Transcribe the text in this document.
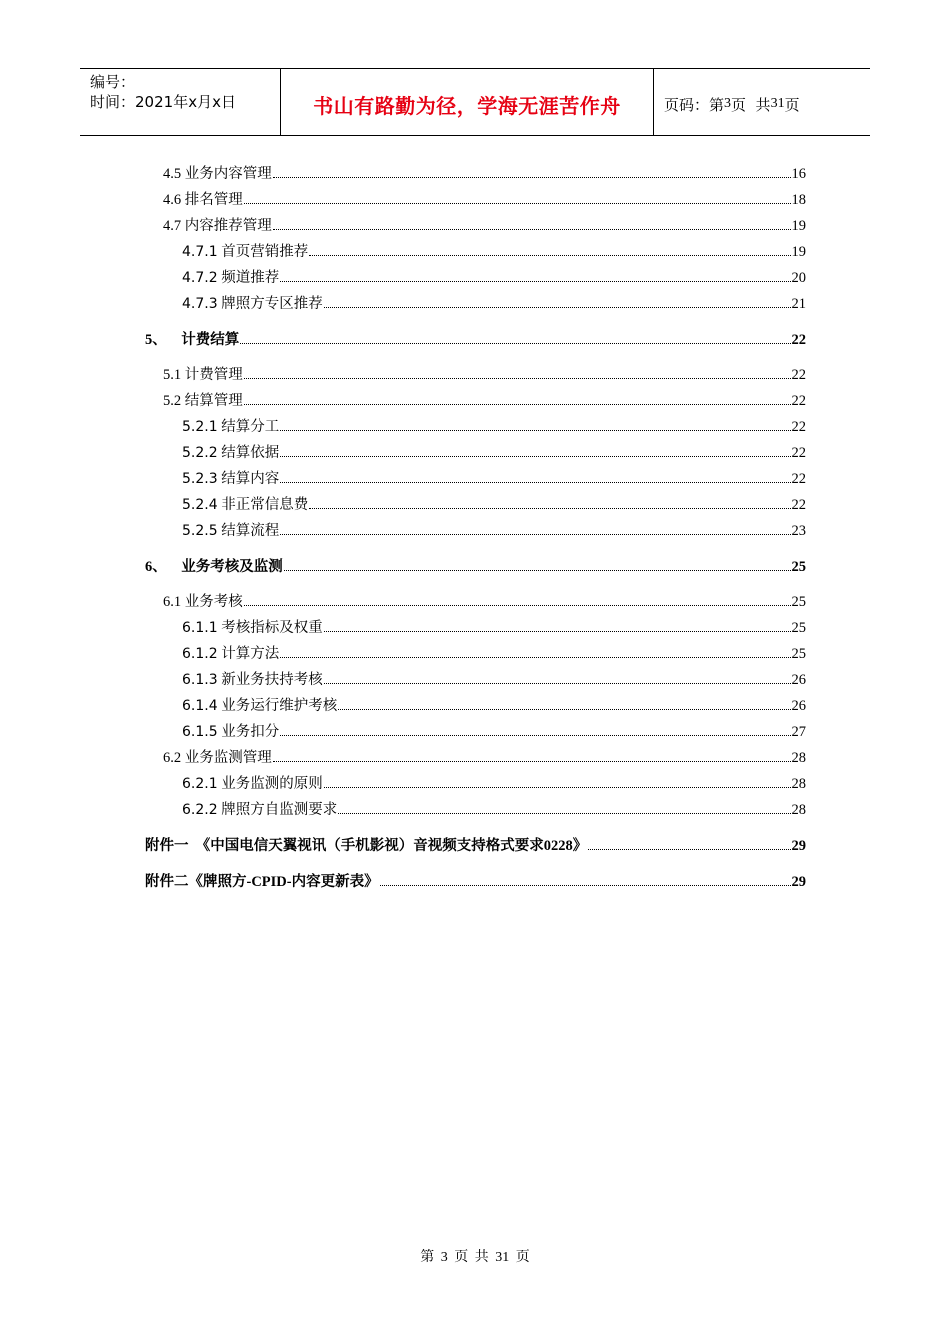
编号：
时间：2021年x月x日	书山有路勤为径，学海无涯苦作舟	页码：第 3 页  共 31 页
4.5 业务内容管理	16
4.6 排名管理	18
4.7 内容推荐管理	19
4.7.1 首页营销推荐	19
4.7.2 频道推荐	20
4.7.3 牌照方专区推荐	21
5、 计费结算	22
5.1 计费管理	22
5.2 结算管理	22
5.2.1 结算分工	22
5.2.2 结算依据	22
5.2.3 结算内容	22
5.2.4 非正常信息费	22
5.2.5 结算流程	23
6、 业务考核及监测	25
6.1 业务考核	25
6.1.1 考核指标及权重	25
6.1.2 计算方法	25
6.1.3 新业务扶持考核	26
6.1.4 业务运行维护考核	26
6.1.5 业务扣分	27
6.2 业务监测管理	28
6.2.1 业务监测的原则	28
6.2.2 牌照方自监测要求	28
附件一 《中国电信天翼视讯（手机影视）音视频支持格式要求0228》	29
附件二《牌照方-CPID-内容更新表》	29
第 3 页 共 31 页
